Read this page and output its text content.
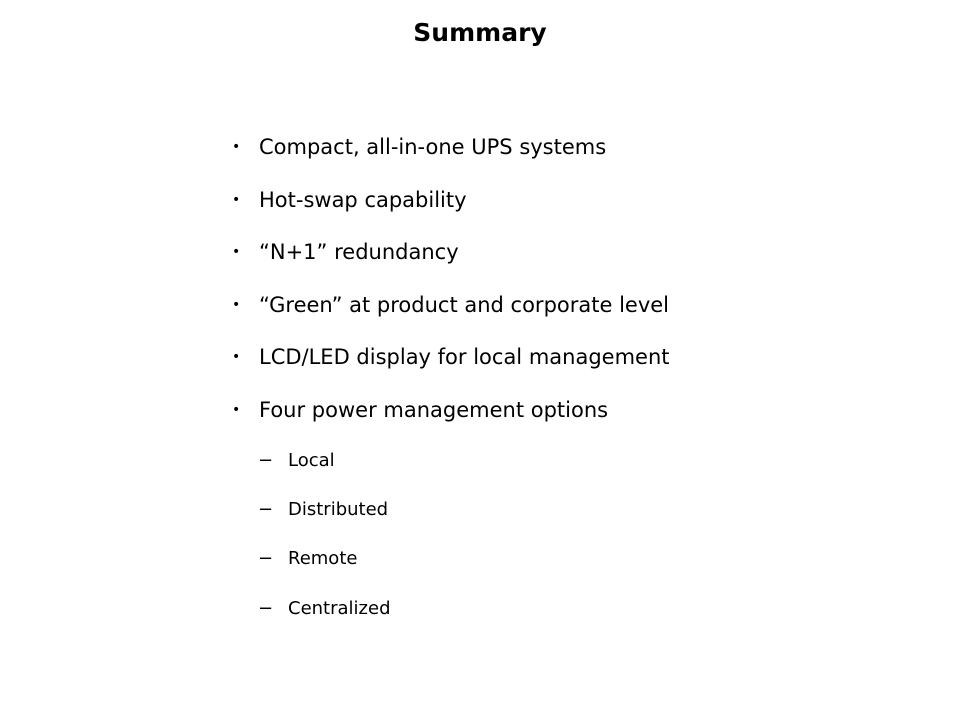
Summary
• Compact, all-in-one UPS systems
• Hot-swap capability
• “N+1” redundancy
• “Green” at product and corporate level
• LCD/LED display for local management
• Four power management options
− Local
− Distributed
− Remote
− Centralized
